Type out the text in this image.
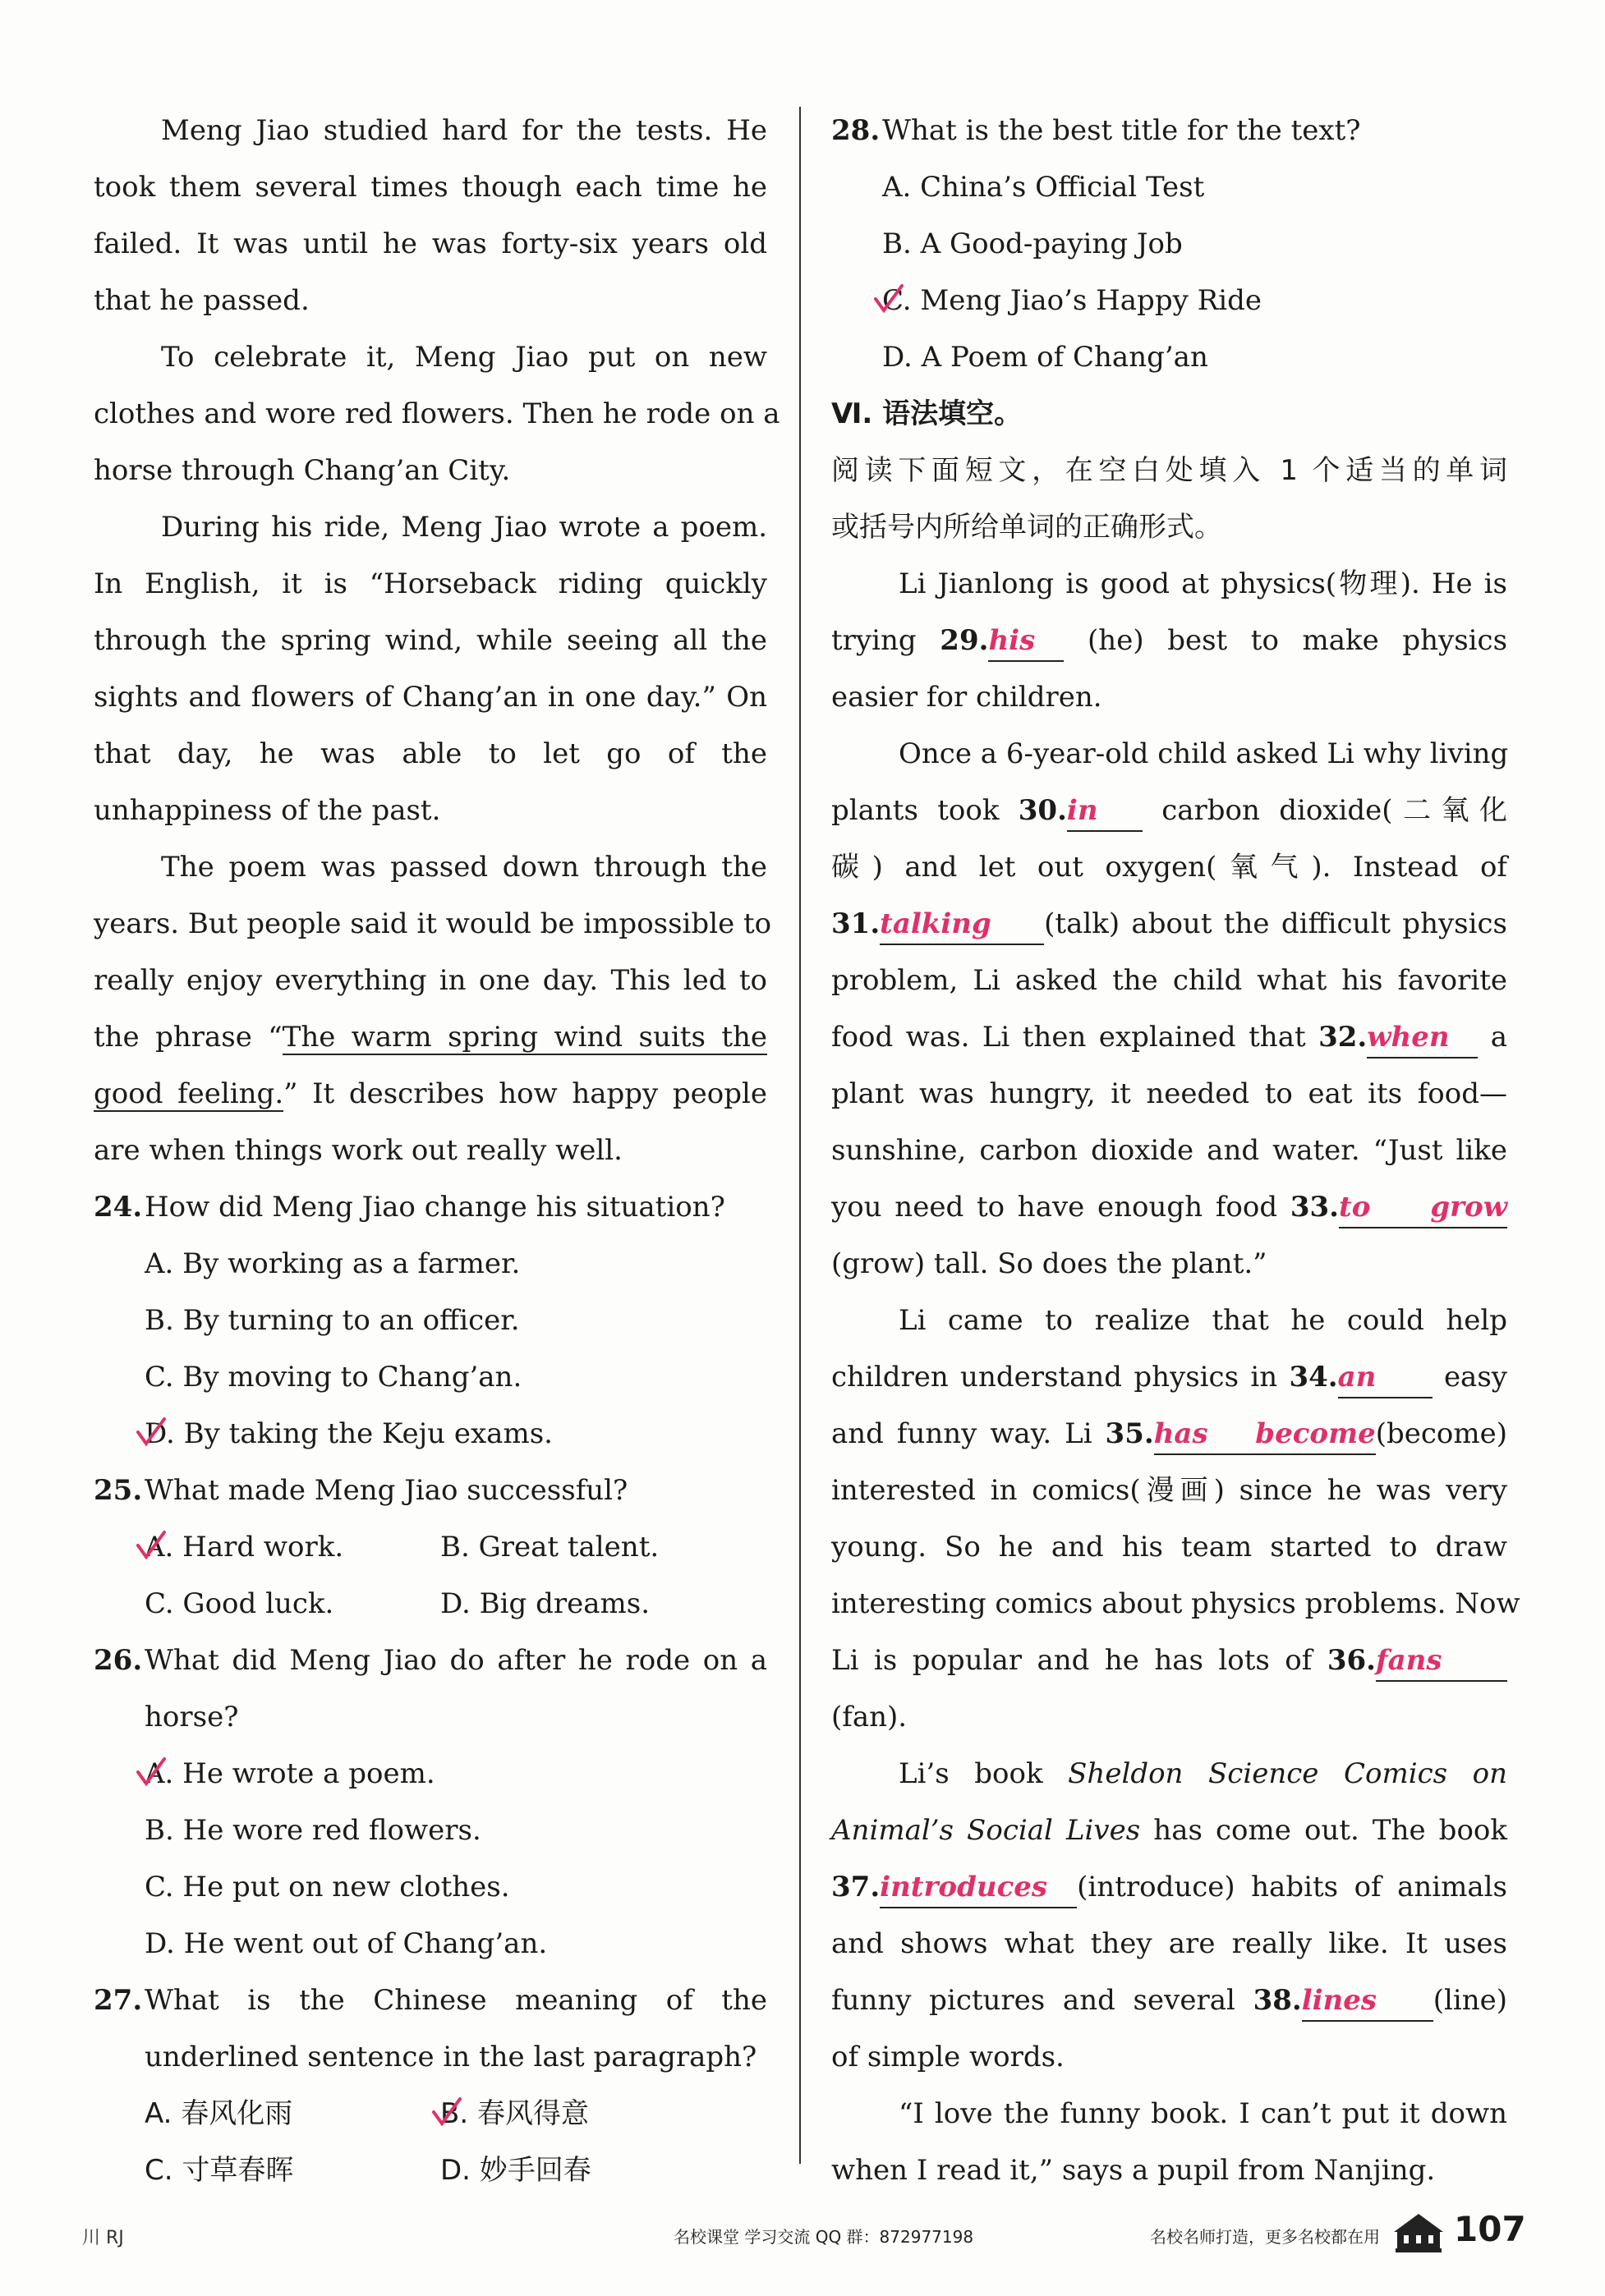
Meng Jiao studied hard for the tests. He
took them several times though each time he
failed. It was until he was forty-six years old
that he passed.
To celebrate it, Meng Jiao put on new
clothes and wore red flowers. Then he rode on a
horse through Chang’an City.
During his ride, Meng Jiao wrote a poem.
In English, it is “Horseback riding quickly
through the spring wind, while seeing all the
sights and flowers of Chang’an in one day.” On
that day, he was able to let go of the
unhappiness of the past.
The poem was passed down through the
years. But people said it would be impossible to
really enjoy everything in one day. This led to
the phrase “The warm spring wind suits the
good feeling.” It describes how happy people
are when things work out really well.
24. How did Meng Jiao change his situation?
A. By working as a farmer.
B. By turning to an officer.
C. By moving to Chang’an.
D. By taking the Keju exams.
25. What made Meng Jiao successful?
A. Hard work.	B. Great talent.
C. Good luck.	D. Big dreams.
26. What did Meng Jiao do after he rode on a
horse?
A. He wrote a poem.
B. He wore red flowers.
C. He put on new clothes.
D. He went out of Chang’an.
27. What is the Chinese meaning of the
underlined sentence in the last paragraph?
A. 春风化雨	B. 春风得意
C. 寸草春晖	D. 妙手回春
28. What is the best title for the text?
A. China’s Official Test
B. A Good-paying Job
C. Meng Jiao’s Happy Ride
D. A Poem of Chang’an
Ⅵ. 语法填空。
阅读下面短文，在空白处填入 1 个适当的单词
或括号内所给单词的正确形式。
Li Jianlong is good at physics(物理). He is
trying 29.his (he) best to make physics
easier for children.
Once a 6-year-old child asked Li why living
plants took 30.in carbon dioxide(二氧化
碳) and let out oxygen(氧气). Instead of
31.talking (talk) about the difficult physics
problem, Li asked the child what his favorite
food was. Li then explained that 32.when a
plant was hungry, it needed to eat its food—
sunshine, carbon dioxide and water. “Just like
you need to have enough food 33.to grow
(grow) tall. So does the plant.”
Li came to realize that he could help
children understand physics in 34.an easy
and funny way. Li 35.has become(become)
interested in comics(漫画) since he was very
young. So he and his team started to draw
interesting comics about physics problems. Now
Li is popular and he has lots of 36.fans
(fan).
Li’s book Sheldon Science Comics on
Animal’s Social Lives has come out. The book
37.introduces (introduce) habits of animals
and shows what they are really like. It uses
funny pictures and several 38.lines (line)
of simple words.
“I love the funny book. I can’t put it down
when I read it,” says a pupil from Nanjing.
川 RJ	名校课堂 学习交流 QQ 群：872977198	名校名师打造，更多名校都在用 107
